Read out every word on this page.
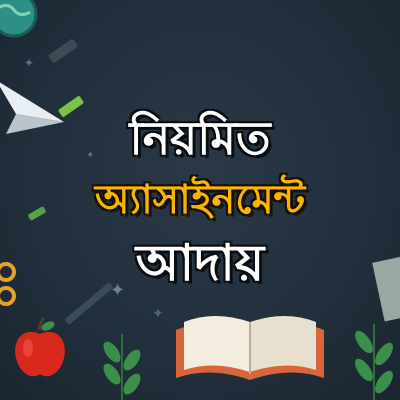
✦
✦
✦
✦
নিয়মিত
অ্যাসাইনমেন্ট
আদায়
